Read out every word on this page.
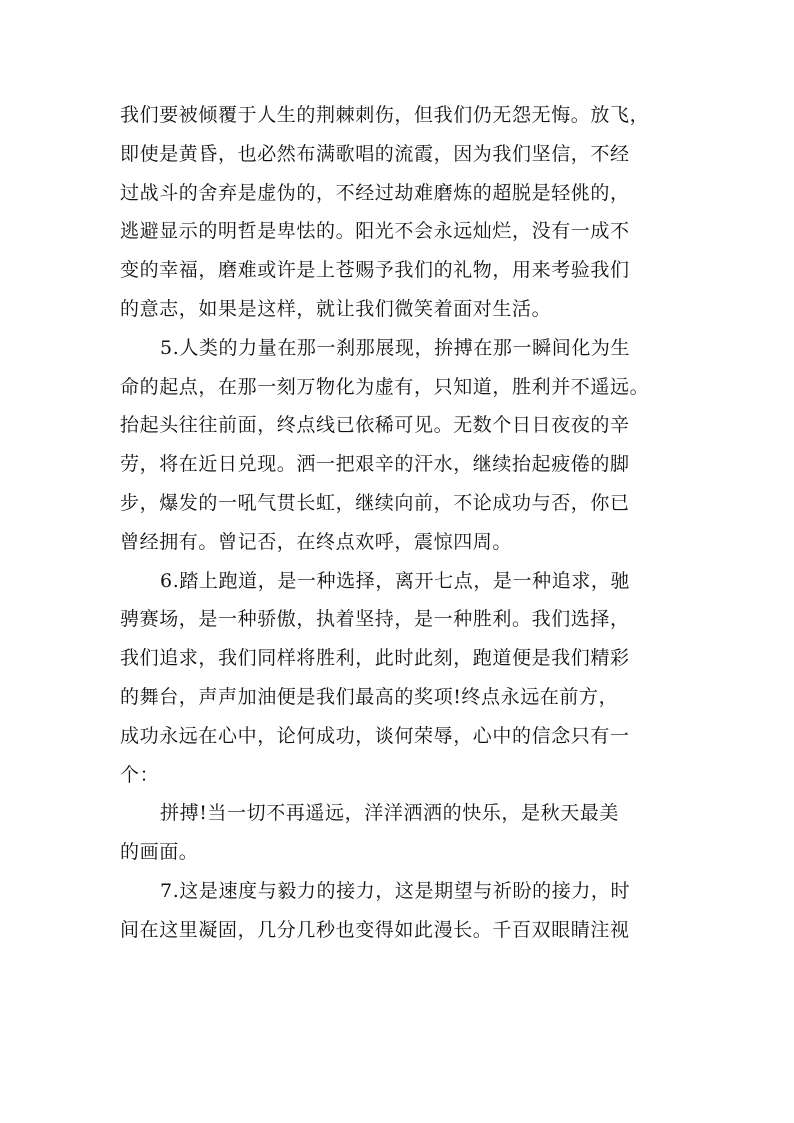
我们要被倾覆于人生的荆棘刺伤，但我们仍无怨无悔。放飞，
即使是黄昏，也必然布满歌唱的流霞，因为我们坚信，不经
过战斗的舍弃是虚伪的，不经过劫难磨炼的超脱是轻佻的，
逃避显示的明哲是卑怯的。阳光不会永远灿烂，没有一成不
变的幸福，磨难或许是上苍赐予我们的礼物，用来考验我们
的意志，如果是这样，就让我们微笑着面对生活。
5.人类的力量在那一刹那展现，拚搏在那一瞬间化为生
命的起点，在那一刻万物化为虚有，只知道，胜利并不遥远。
抬起头往往前面，终点线已依稀可见。无数个日日夜夜的辛
劳，将在近日兑现。洒一把艰辛的汗水，继续抬起疲倦的脚
步，爆发的一吼气贯长虹，继续向前，不论成功与否，你已
曾经拥有。曾记否，在终点欢呼，震惊四周。
6.踏上跑道，是一种选择，离开七点，是一种追求，驰
骋赛场，是一种骄傲，执着坚持，是一种胜利。我们选择，
我们追求，我们同样将胜利，此时此刻，跑道便是我们精彩
的舞台，声声加油便是我们最高的奖项!终点永远在前方，
成功永远在心中，论何成功，谈何荣辱，心中的信念只有一
个：
拼搏!当一切不再遥远，洋洋洒洒的快乐，是秋天最美
的画面。
7.这是速度与毅力的接力，这是期望与祈盼的接力，时
间在这里凝固，几分几秒也变得如此漫长。千百双眼睛注视
